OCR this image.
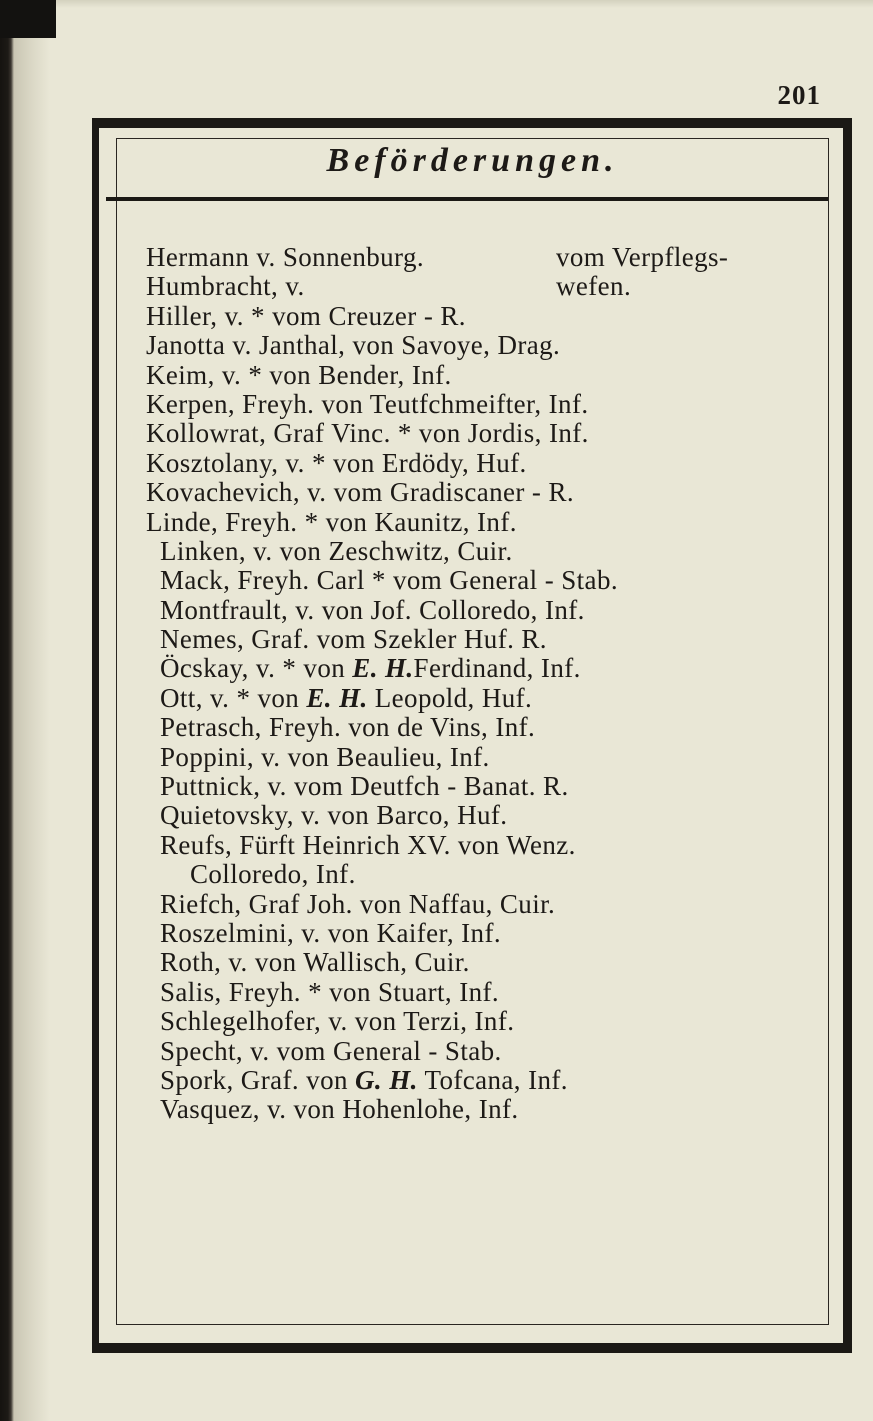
201
Beförderungen.
Hermann v. Sonnenburg.	vom Verpflegs-
Humbracht, v.	wefen.
Hiller, v. * vom Creuzer - R.
Janotta v. Janthal, von Savoye, Drag.
Keim, v. * von Bender, Inf.
Kerpen, Freyh. von Teutfchmeifter, Inf.
Kollowrat, Graf Vinc. * von Jordis, Inf.
Kosztolany, v. * von Erdödy, Huf.
Kovachevich, v. vom Gradiscaner - R.
Linde, Freyh. * von Kaunitz, Inf.
Linken, v. von Zeschwitz, Cuir.
Mack, Freyh. Carl * vom General - Stab.
Montfrault, v. von Jof. Colloredo, Inf.
Nemes, Graf. vom Szekler Huf. R.
Öcskay, v. * von E. H.Ferdinand, Inf.
Ott, v. * von E. H. Leopold, Huf.
Petrasch, Freyh. von de Vins, Inf.
Poppini, v. von Beaulieu, Inf.
Puttnick, v. vom Deutfch - Banat. R.
Quietovsky, v. von Barco, Huf.
Reufs, Fürft Heinrich XV. von Wenz.
Colloredo, Inf.
Riefch, Graf Joh. von Naffau, Cuir.
Roszelmini, v. von Kaifer, Inf.
Roth, v. von Wallisch, Cuir.
Salis, Freyh. * von Stuart, Inf.
Schlegelhofer, v. von Terzi, Inf.
Specht, v. vom General - Stab.
Spork, Graf. von G. H. Tofcana, Inf.
Vasquez, v. von Hohenlohe, Inf.
